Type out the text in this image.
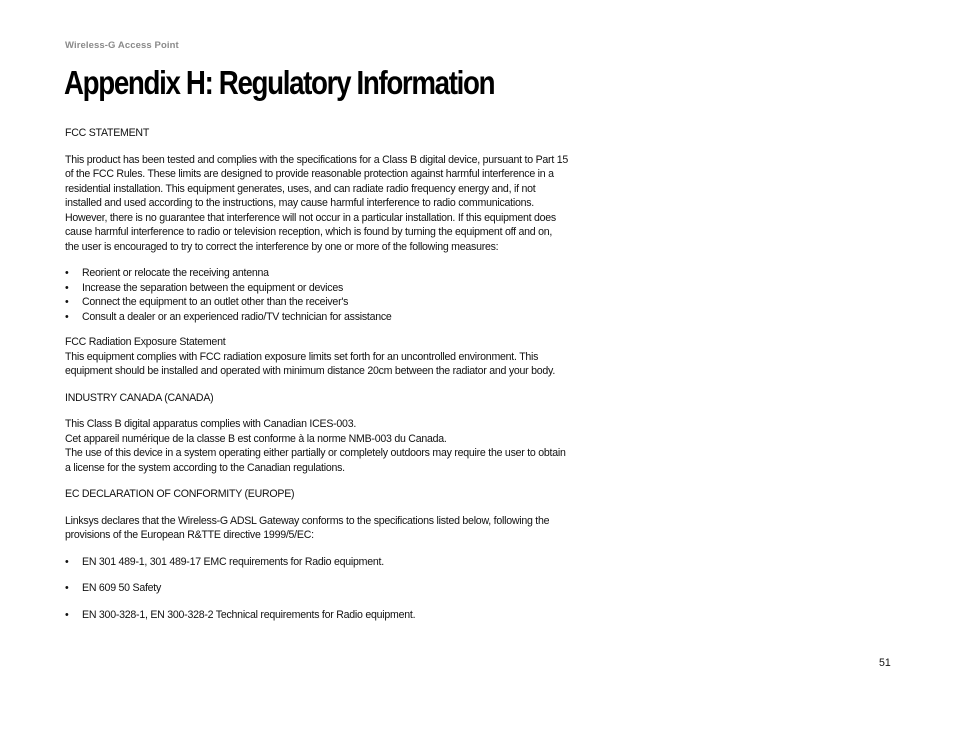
Wireless-G Access Point
Appendix H: Regulatory Information

FCC STATEMENT

This product has been tested and complies with the specifications for a Class B digital device, pursuant to Part 15

of the FCC Rules. These limits are designed to provide reasonable protection against harmful interference in a

residential installation. This equipment generates, uses, and can radiate radio frequency energy and, if not

installed and used according to the instructions, may cause harmful interference to radio communications.

However, there is no guarantee that interference will not occur in a particular installation. If this equipment does

cause harmful interference to radio or television reception, which is found by turning the equipment off and on,

the user is encouraged to try to correct the interference by one or more of the following measures:

• Reorient or relocate the receiving antenna
• Increase the separation between the equipment or devices
• Connect the equipment to an outlet other than the receiver's
• Consult a dealer or an experienced radio/TV technician for assistance

FCC Radiation Exposure Statement

This equipment complies with FCC radiation exposure limits set forth for an uncontrolled environment. This

equipment should be installed and operated with minimum distance 20cm between the radiator and your body.

INDUSTRY CANADA (CANADA)

This Class B digital apparatus complies with Canadian ICES-003.

Cet appareil numérique de la classe B est conforme à la norme NMB-003 du Canada.

The use of this device in a system operating either partially or completely outdoors may require the user to obtain

a license for the system according to the Canadian regulations.

EC DECLARATION OF CONFORMITY (EUROPE)

Linksys declares that the Wireless-G ADSL Gateway conforms to the specifications listed below, following the

provisions of the European R&TTE directive 1999/5/EC:

• EN 301 489-1, 301 489-17 EMC requirements for Radio equipment.
• EN 609 50 Safety
• EN 300-328-1, EN 300-328-2 Technical requirements for Radio equipment.
51
